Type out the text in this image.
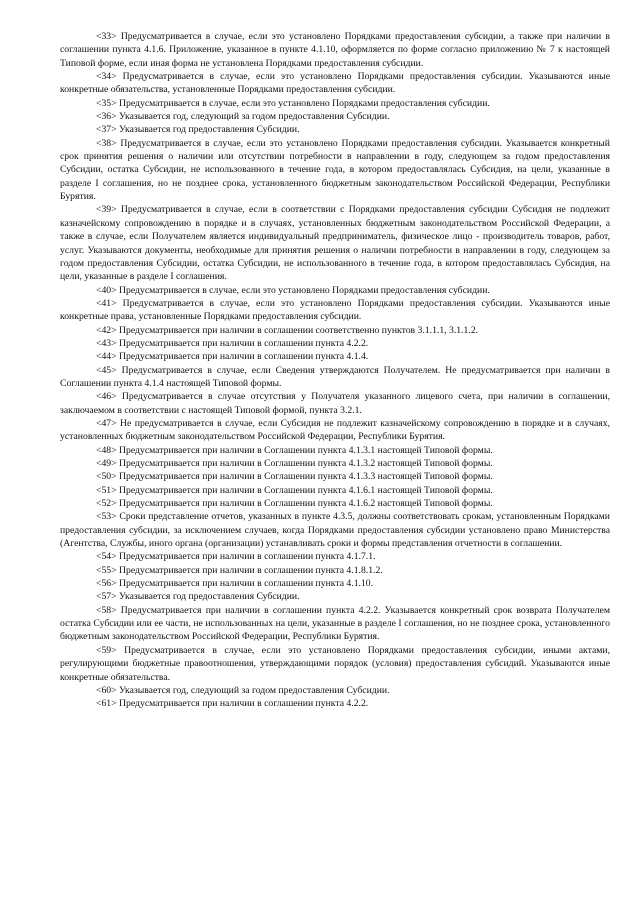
<33> Предусматривается в случае, если это установлено Порядками предоставления субсидии, а также при наличии в соглашении пункта 4.1.6. Приложение, указанное в пункте 4.1.10, оформляется по форме согласно приложению № 7 к настоящей Типовой форме, если иная форма не установлена Порядками предоставления субсидии.

<34> Предусматривается в случае, если это установлено Порядками предоставления субсидии. Указываются иные конкретные обязательства, установленные Порядками предоставления субсидии.

<35> Предусматривается в случае, если это установлено Порядками предоставления субсидии.

<36> Указывается год, следующий за годом предоставления Субсидии.

<37> Указывается год предоставления Субсидии.

<38> Предусматривается в случае, если это установлено Порядками предоставления субсидии. Указывается конкретный срок принятия решения о наличии или отсутствии потребности в направлении в году, следующем за годом предоставления Субсидии, остатка Субсидии, не использованного в течение года, в котором предоставлялась Субсидия, на цели, указанные в разделе I соглашения, но не позднее срока, установленного бюджетным законодательством Российской Федерации, Республики Бурятия.

<39> Предусматривается в случае, если в соответствии с Порядками предоставления субсидии Субсидия не подлежит казначейскому сопровождению в порядке и в случаях, установленных бюджетным законодательством Российской Федерации, а также в случае, если Получателем является индивидуальный предприниматель, физическое лицо - производитель товаров, работ, услуг. Указываются документы, необходимые для принятия решения о наличии потребности в направлении в году, следующем за годом предоставления Субсидии, остатка Субсидии, не использованного в течение года, в котором предоставлялась Субсидия, на цели, указанные в разделе I соглашения.

<40> Предусматривается в случае, если это установлено Порядками предоставления субсидии.

<41> Предусматривается в случае, если это установлено Порядками предоставления субсидии. Указываются иные конкретные права, установленные Порядками предоставления субсидии.

<42> Предусматривается при наличии в соглашении соответственно пунктов 3.1.1.1, 3.1.1.2.

<43> Предусматривается при наличии в соглашении пункта 4.2.2.

<44> Предусматривается при наличии в соглашении пункта 4.1.4.

<45> Предусматривается в случае, если Сведения утверждаются Получателем. Не предусматривается при наличии в Соглашении пункта 4.1.4 настоящей Типовой формы.

<46> Предусматривается в случае отсутствия у Получателя указанного лицевого счета, при наличии в соглашении, заключаемом в соответствии с настоящей Типовой формой, пункта 3.2.1.

<47> Не предусматривается в случае, если Субсидия не подлежит казначейскому сопровождению в порядке и в случаях, установленных бюджетным законодательством Российской Федерации, Республики Бурятия.

<48> Предусматривается при наличии в Соглашении пункта 4.1.3.1 настоящей Типовой формы.

<49> Предусматривается при наличии в Соглашении пункта 4.1.3.2 настоящей Типовой формы.

<50> Предусматривается при наличии в Соглашении пункта 4.1.3.3 настоящей Типовой формы.

<51> Предусматривается при наличии в Соглашении пункта 4.1.6.1 настоящей Типовой формы.

<52> Предусматривается при наличии в Соглашении пункта 4.1.6.2 настоящей Типовой формы.

<53> Сроки представление отчетов, указанных в пункте 4.3.5, должны соответствовать срокам, установленным Порядками предоставления субсидии, за исключением случаев, когда Порядками предоставления субсидии установлено право Министерства (Агентства, Службы, иного органа (организации) устанавливать сроки и формы представления отчетности в соглашении.

<54> Предусматривается при наличии в соглашении пункта 4.1.7.1.

<55> Предусматривается при наличии в соглашении пункта 4.1.8.1.2.

<56> Предусматривается при наличии в соглашении пункта 4.1.10.

<57> Указывается год предоставления Субсидии.

<58> Предусматривается при наличии в соглашении пункта 4.2.2. Указывается конкретный срок возврата Получателем остатка Субсидии или ее части, не использованных на цели, указанные в разделе I соглашения, но не позднее срока, установленного бюджетным законодательством Российской Федерации, Республики Бурятия.

<59> Предусматривается в случае, если это установлено Порядками предоставления субсидии, иными актами, регулирующими бюджетные правоотношения, утверждающими порядок (условия) предоставления субсидий. Указываются иные конкретные обязательства.

<60> Указывается год, следующий за годом предоставления Субсидии.

<61> Предусматривается при наличии в соглашении пункта 4.2.2.
